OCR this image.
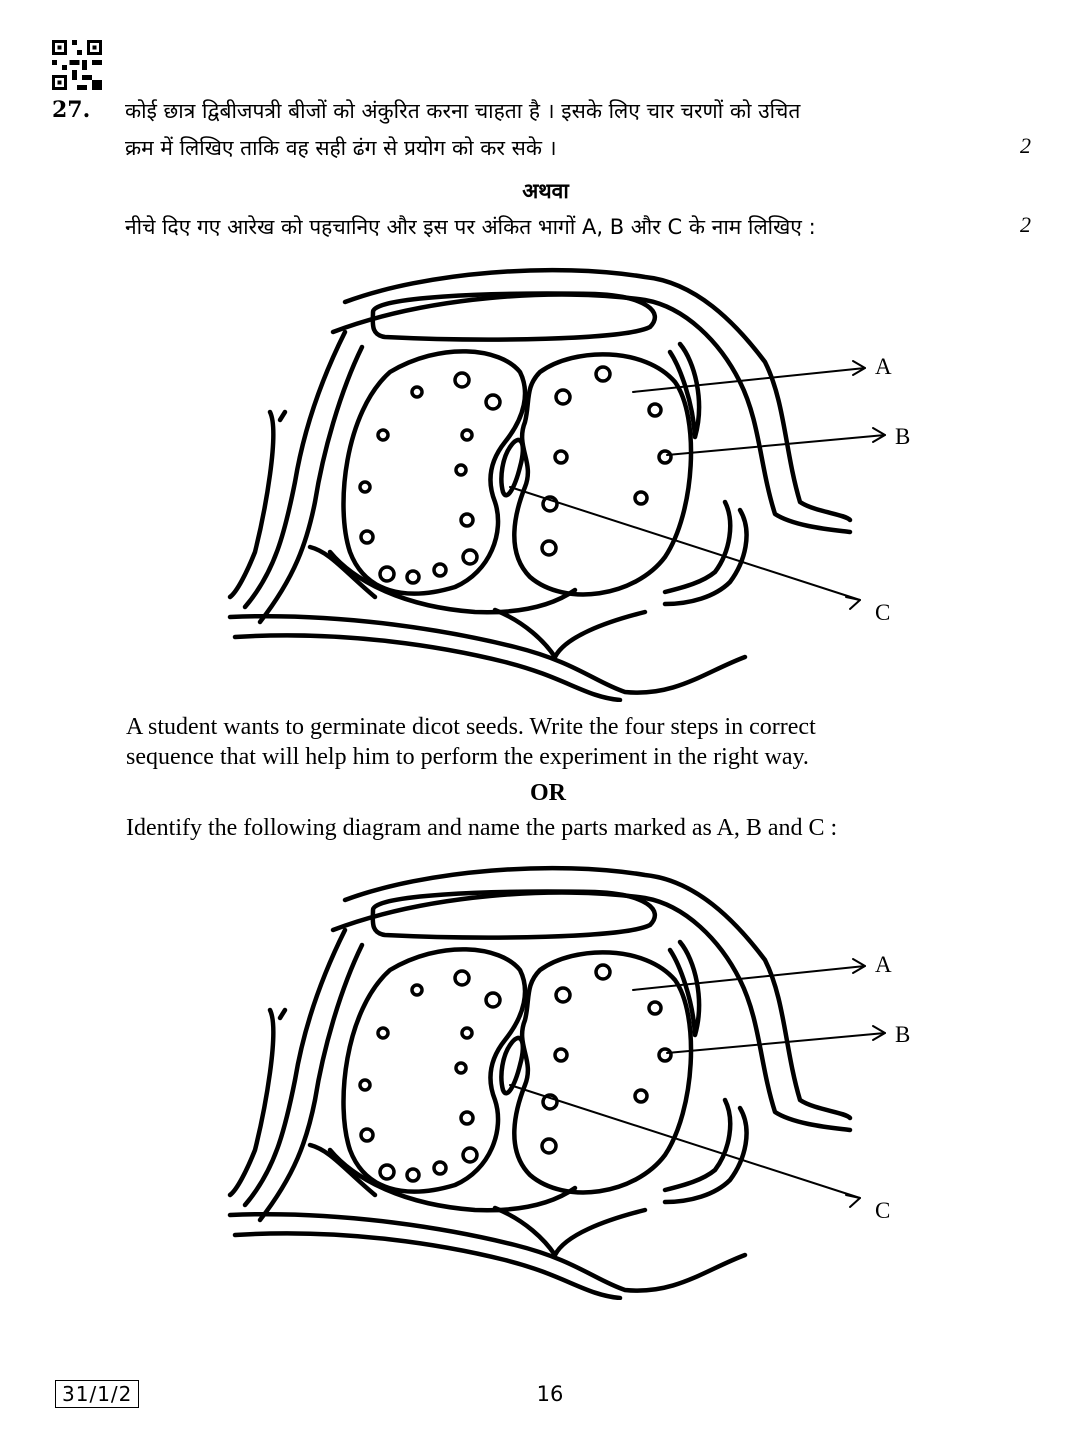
27. कोई छात्र द्विबीजपत्री बीजों को अंकुरित करना चाहता है । इसके लिए चार चरणों को उचित
क्रम में लिखिए ताकि वह सही ढंग से प्रयोग को कर सके ।	2
अथवा
नीचे दिए गए आरेख को पहचानिए और इस पर अंकित भागों A, B और C के नाम लिखिए :	2
A
B
C
A student wants to germinate dicot seeds. Write the four steps in correct
sequence that will help him to perform the experiment in the right way.
OR
Identify the following diagram and name the parts marked as A, B and C :
A
B
C
31/1/2	16
